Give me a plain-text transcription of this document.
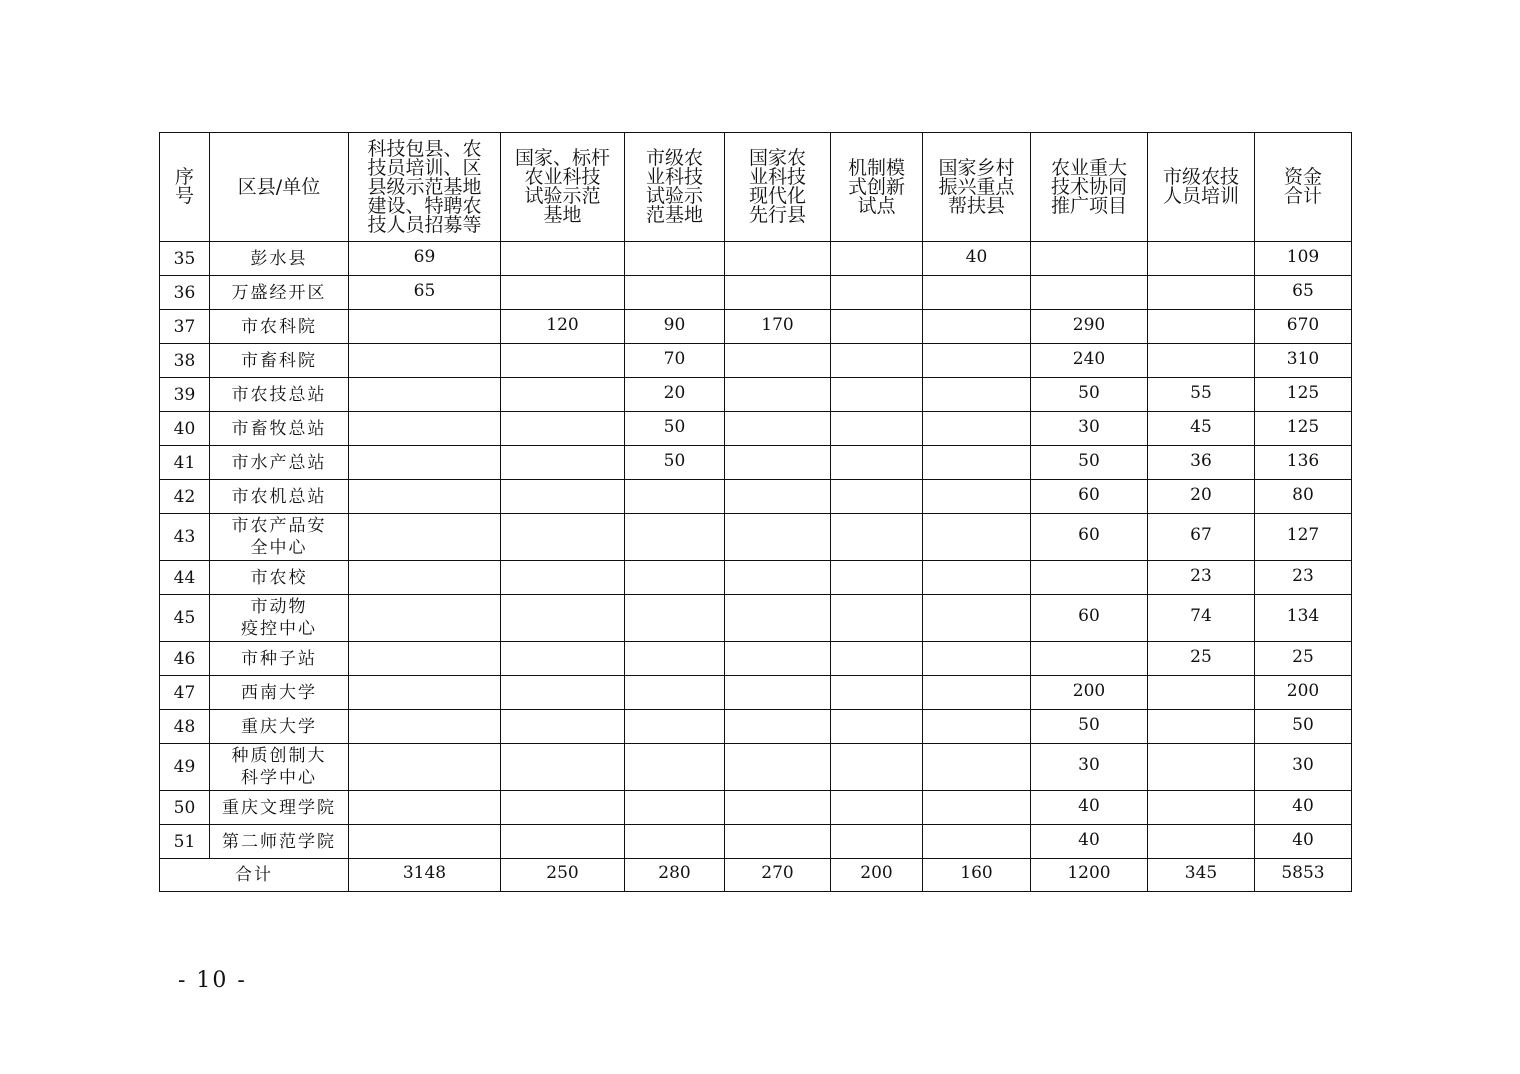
序
号	区县/单位	科技包县、农
技员培训、区
县级示范基地
建设、特聘农
技人员招募等	国家、标杆
农业科技
试验示范
基地	市级农
业科技
试验示
范基地	国家农
业科技
现代化
先行县	机制模
式创新
试点	国家乡村
振兴重点
帮扶县	农业重大
技术协同
推广项目	市级农技
人员培训	资金
合计
35	彭水县	69					40			109
36	万盛经开区	65								65
37	市农科院		120	90	170			290		670
38	市畜科院			70				240		310
39	市农技总站			20				50	55	125
40	市畜牧总站			50				30	45	125
41	市水产总站			50				50	36	136
42	市农机总站							60	20	80
43	市农产品安
全中心							60	67	127
44	市农校								23	23
45	市动物
疫控中心							60	74	134
46	市种子站								25	25
47	西南大学							200		200
48	重庆大学							50		50
49	种质创制大
科学中心							30		30
50	重庆文理学院							40		40
51	第二师范学院							40		40
合计		3148	250	280	270	200	160	1200	345	5853
- 10 -
